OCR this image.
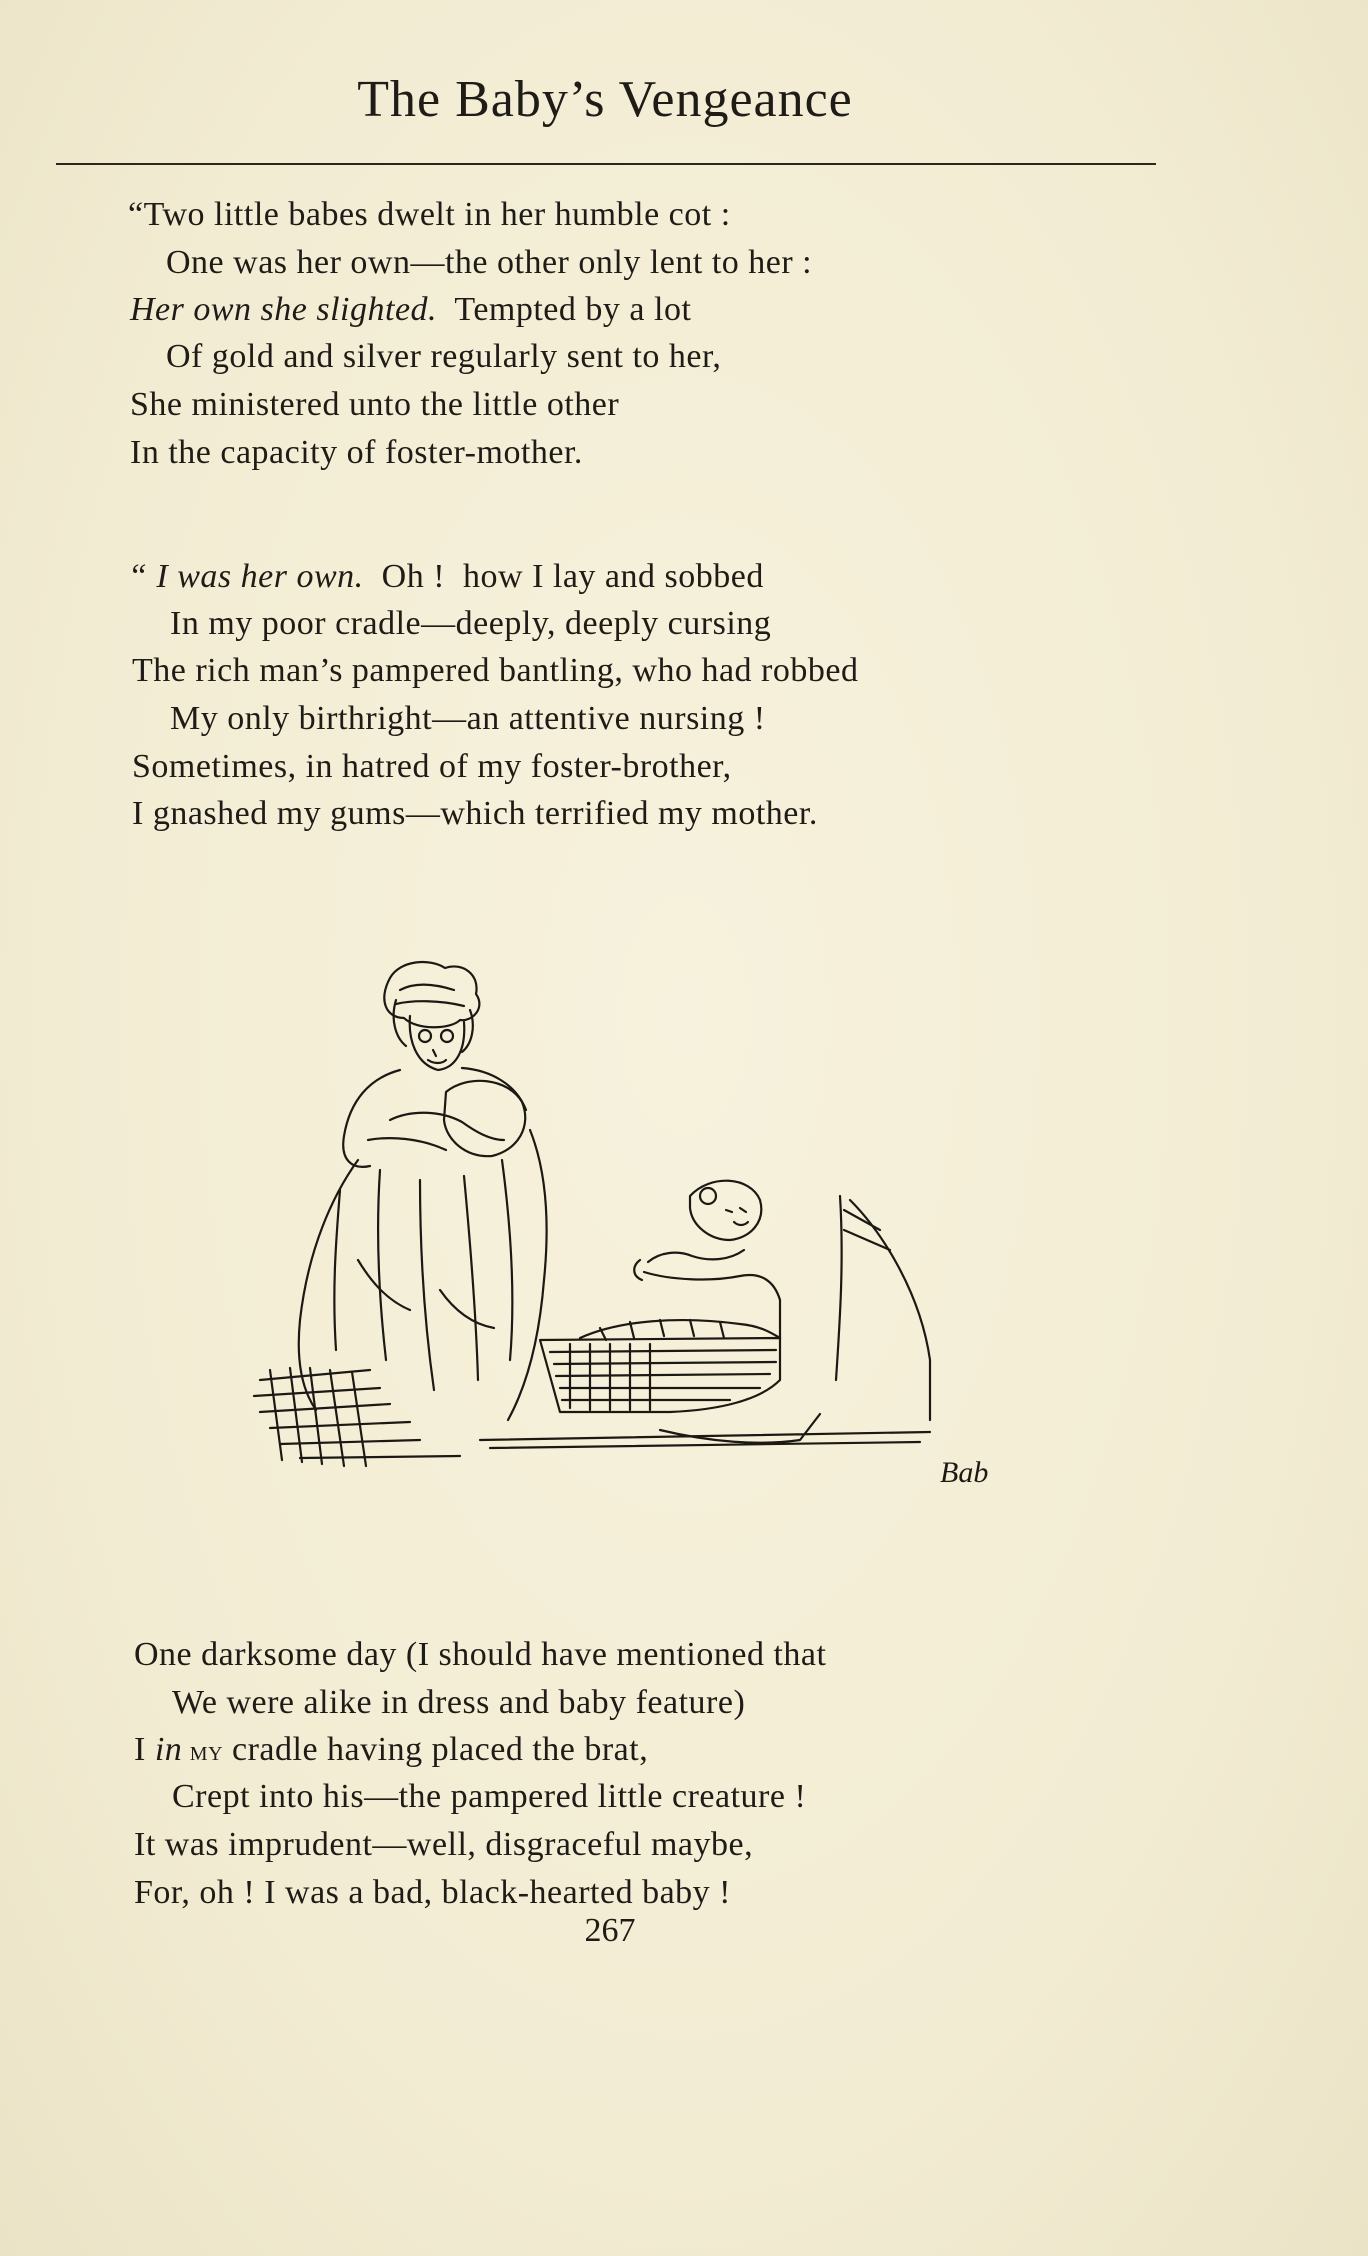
The Baby’s Vengeance
“Two little babes dwelt in her humble cot :
One was her own—the other only lent to her :
Her own she slighted.  Tempted by a lot
Of gold and silver regularly sent to her,
She ministered unto the little other
In the capacity of foster-mother.
“ I was her own.  Oh !  how I lay and sobbed
In my poor cradle—deeply, deeply cursing
The rich man’s pampered bantling, who had robbed
My only birthright—an attentive nursing !
Sometimes, in hatred of my foster-brother,
I gnashed my gums—which terrified my mother.
Bab
One darksome day (I should have mentioned that
We were alike in dress and baby feature)
I in my cradle having placed the brat,
Crept into his—the pampered little creature !
It was imprudent—well, disgraceful maybe,
For, oh ! I was a bad, black-hearted baby !
267
